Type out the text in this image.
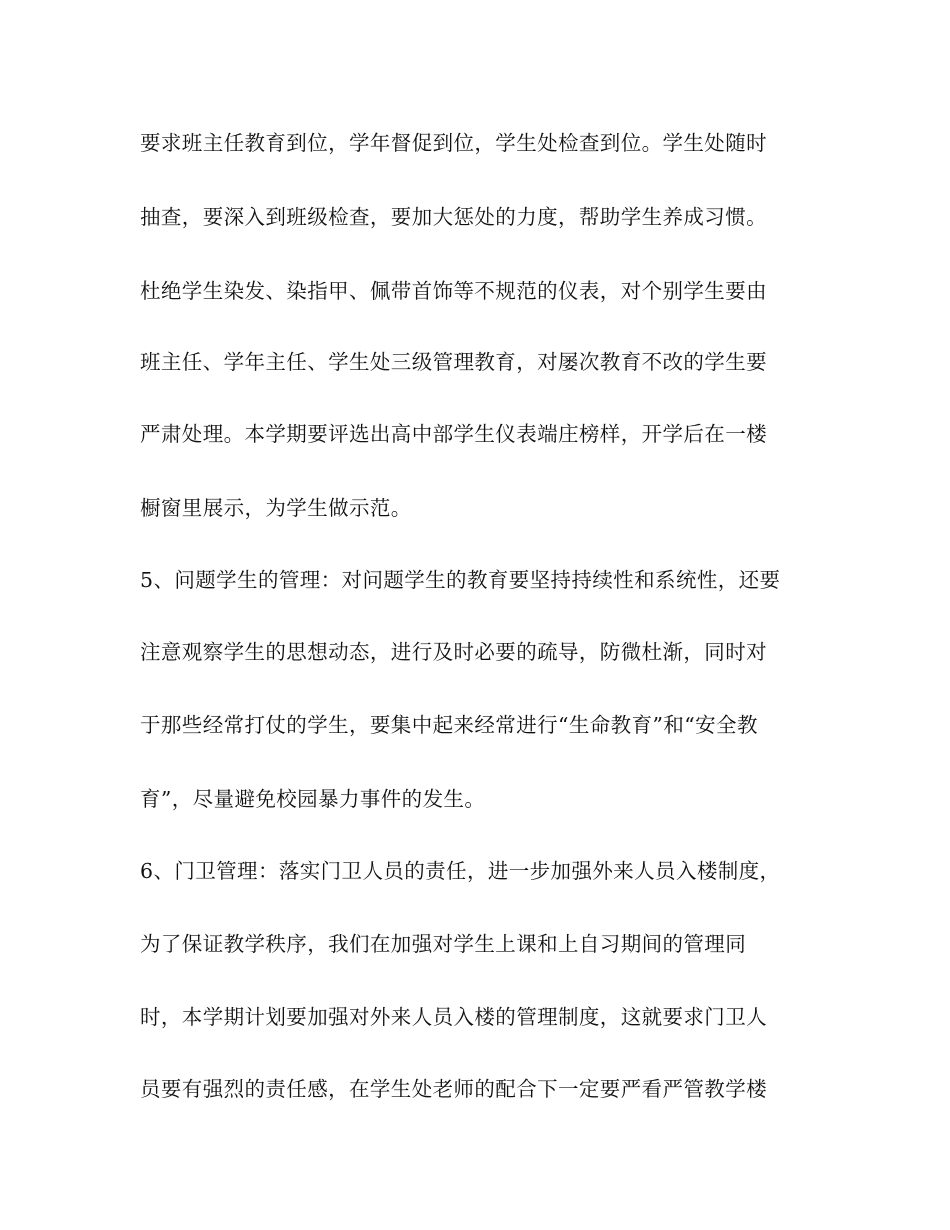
要求班主任教育到位，学年督促到位，学生处检查到位。学生处随时
抽查，要深入到班级检查，要加大惩处的力度，帮助学生养成习惯。
杜绝学生染发、染指甲、佩带首饰等不规范的仪表，对个别学生要由
班主任、学年主任、学生处三级管理教育，对屡次教育不改的学生要
严肃处理。本学期要评选出高中部学生仪表端庄榜样，开学后在一楼
橱窗里展示，为学生做示范。
5、问题学生的管理：对问题学生的教育要坚持持续性和系统性，还要
注意观察学生的思想动态，进行及时必要的疏导，防微杜渐，同时对
于那些经常打仗的学生，要集中起来经常进行“生命教育”和“安全教
育”，尽量避免校园暴力事件的发生。
6、门卫管理：落实门卫人员的责任，进一步加强外来人员入楼制度，
为了保证教学秩序，我们在加强对学生上课和上自习期间的管理同
时，本学期计划要加强对外来人员入楼的管理制度，这就要求门卫人
员要有强烈的责任感，在学生处老师的配合下一定要严看严管教学楼
